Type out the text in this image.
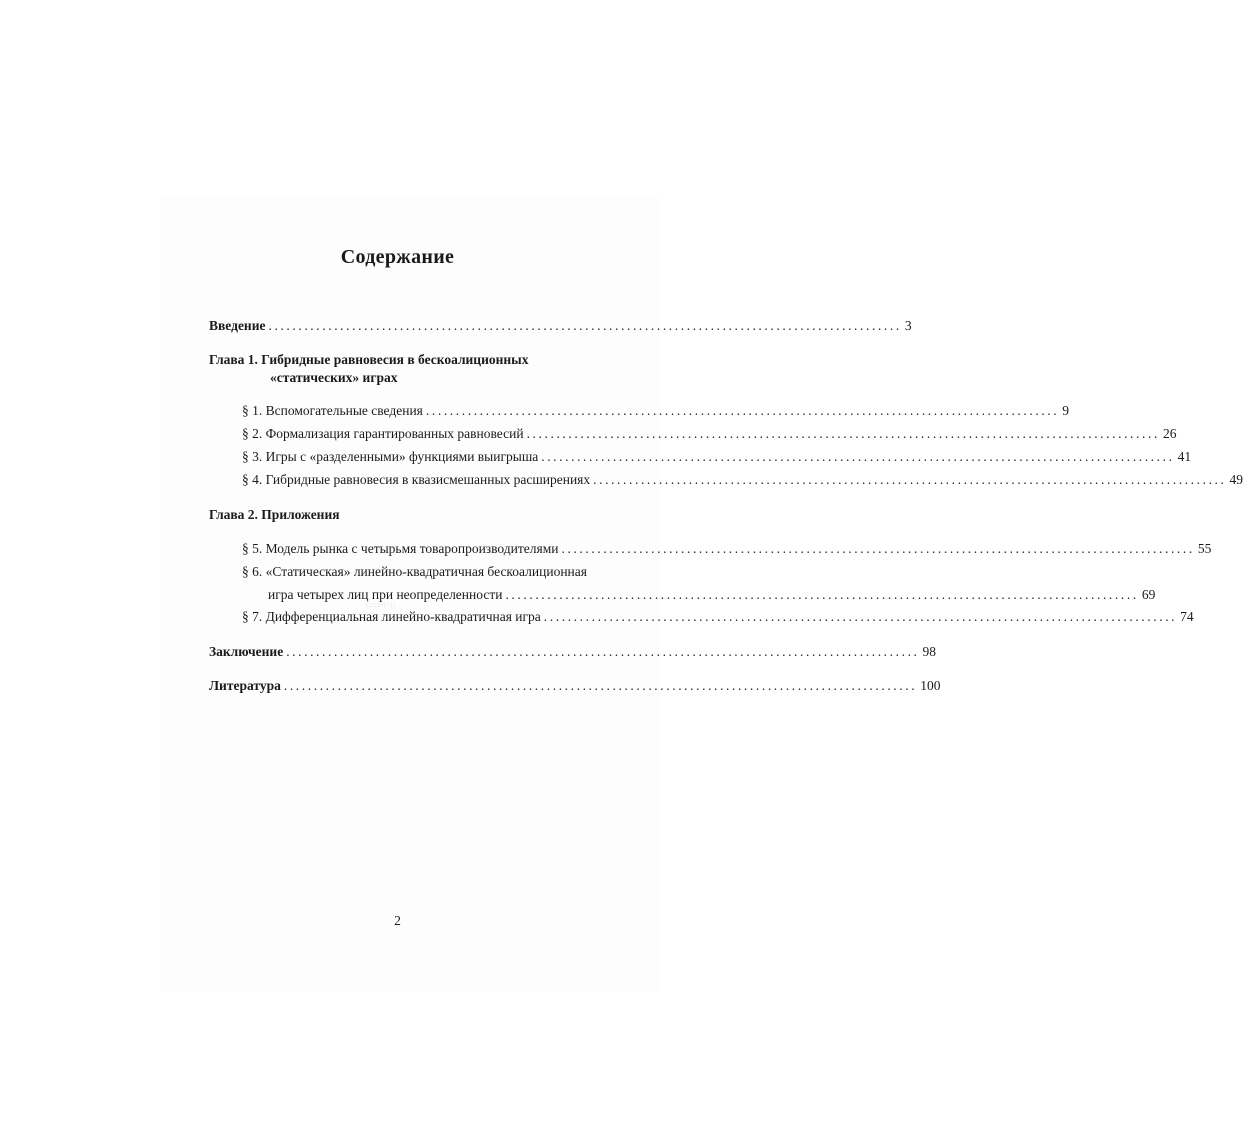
Содержание
Введение .......................................................................................................... 3
Глава 1. Гибридные равновесия в бескоалиционных
«статических» играх
§ 1. Вспомогательные сведения .......................................................................................................... 9
§ 2. Формализация гарантированных равновесий .......................................................................................................... 26
§ 3. Игры с «разделенными» функциями выигрыша .......................................................................................................... 41
§ 4. Гибридные равновесия в квазисмешанных расширениях .......................................................................................................... 49
Глава 2. Приложения
§ 5. Модель рынка с четырьмя товаропроизводителями .......................................................................................................... 55
§ 6. «Статическая» линейно-квадратичная бескоалиционная
игра четырех лиц при неопределенности .......................................................................................................... 69
:::::·:·::
§ 7. Дифференциальная линейно-квадратичная игра .......................................................................................................... 74
Заключение .......................................................................................................... 98
Литература .......................................................................................................... 100
2
